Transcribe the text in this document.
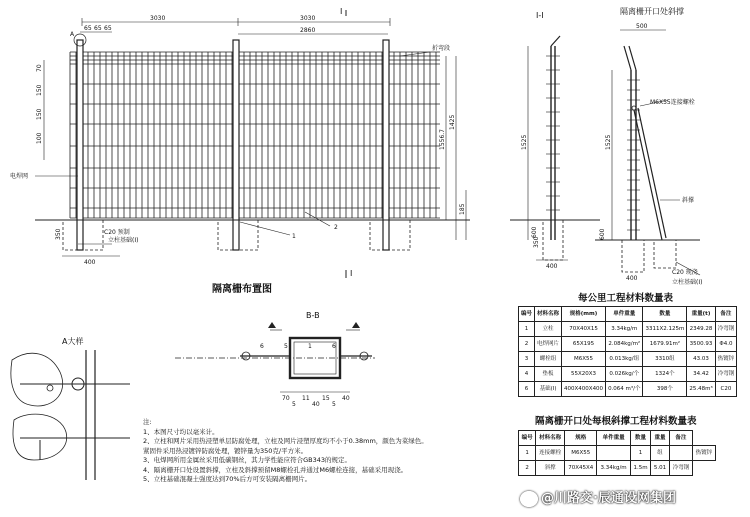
3030	3030
2860
65 65 65
70
150
150
100	1556.7
1425
185
400
350
折弯段
电焊网
C20 预制
立柱基础(I)
1
2
I
I
A
隔离栅布置图
I-I
1525
600
400
350
隔离栅开口处斜撑
500
1525
600
400
M6X55连接螺栓
斜撑
C20 现浇
立柱基础(I)
B-B
70
5
11
40
15
5
40
6	5	1	6
A大样
每公里工程材料数量表
编号	材料名称	规格(mm)	单件重量	数量	重量(t)	备注
1	立柱	70X40X15	3.34kg/m	3311X2.125m	2349.28	冷弯钢
2	电焊网片	65X195	2.084kg/m²	1679.91m²	3500.93	Φ4.0
3	螺栓组	M6X55	0.013kg/组	3310组	43.03	热镀锌
4	垫板	55X20X3	0.026kg/个	1324个	34.42	冷弯钢
6	基础(I)	400X400X400	0.064 m³/个	398个	25.48m³	C20
隔离栅开口处每根斜撑工程材料数量表
编号	材料名称	规格	单件重量	数量	重量	备注	
1	连接螺栓	M6X55		1	组		热镀锌
2	斜撑	70X45X4	3.34kg/m	1.5m	5.01	冷弯钢	
注:
1、本图尺寸均以毫米计。
2、立柱和网片采用热浸塑单层防腐处理，立柱及网片浸塑厚度均不小于0.38mm，颜色为菜绿色。
紧固件采用热浸镀锌防腐处理，镀锌量为350克/平方米。
3、电焊网所用金属丝采用低碳钢丝，其力学性能应符合GB343的规定。
4、隔离栅开口处设置斜撑，立柱及斜撑预留M8螺栓孔并通过M6螺栓连接，基础采用现浇。
5、立柱基础混凝土强度达到70%后方可安装隔离栅网片。
@川路交·辰通设网集团
